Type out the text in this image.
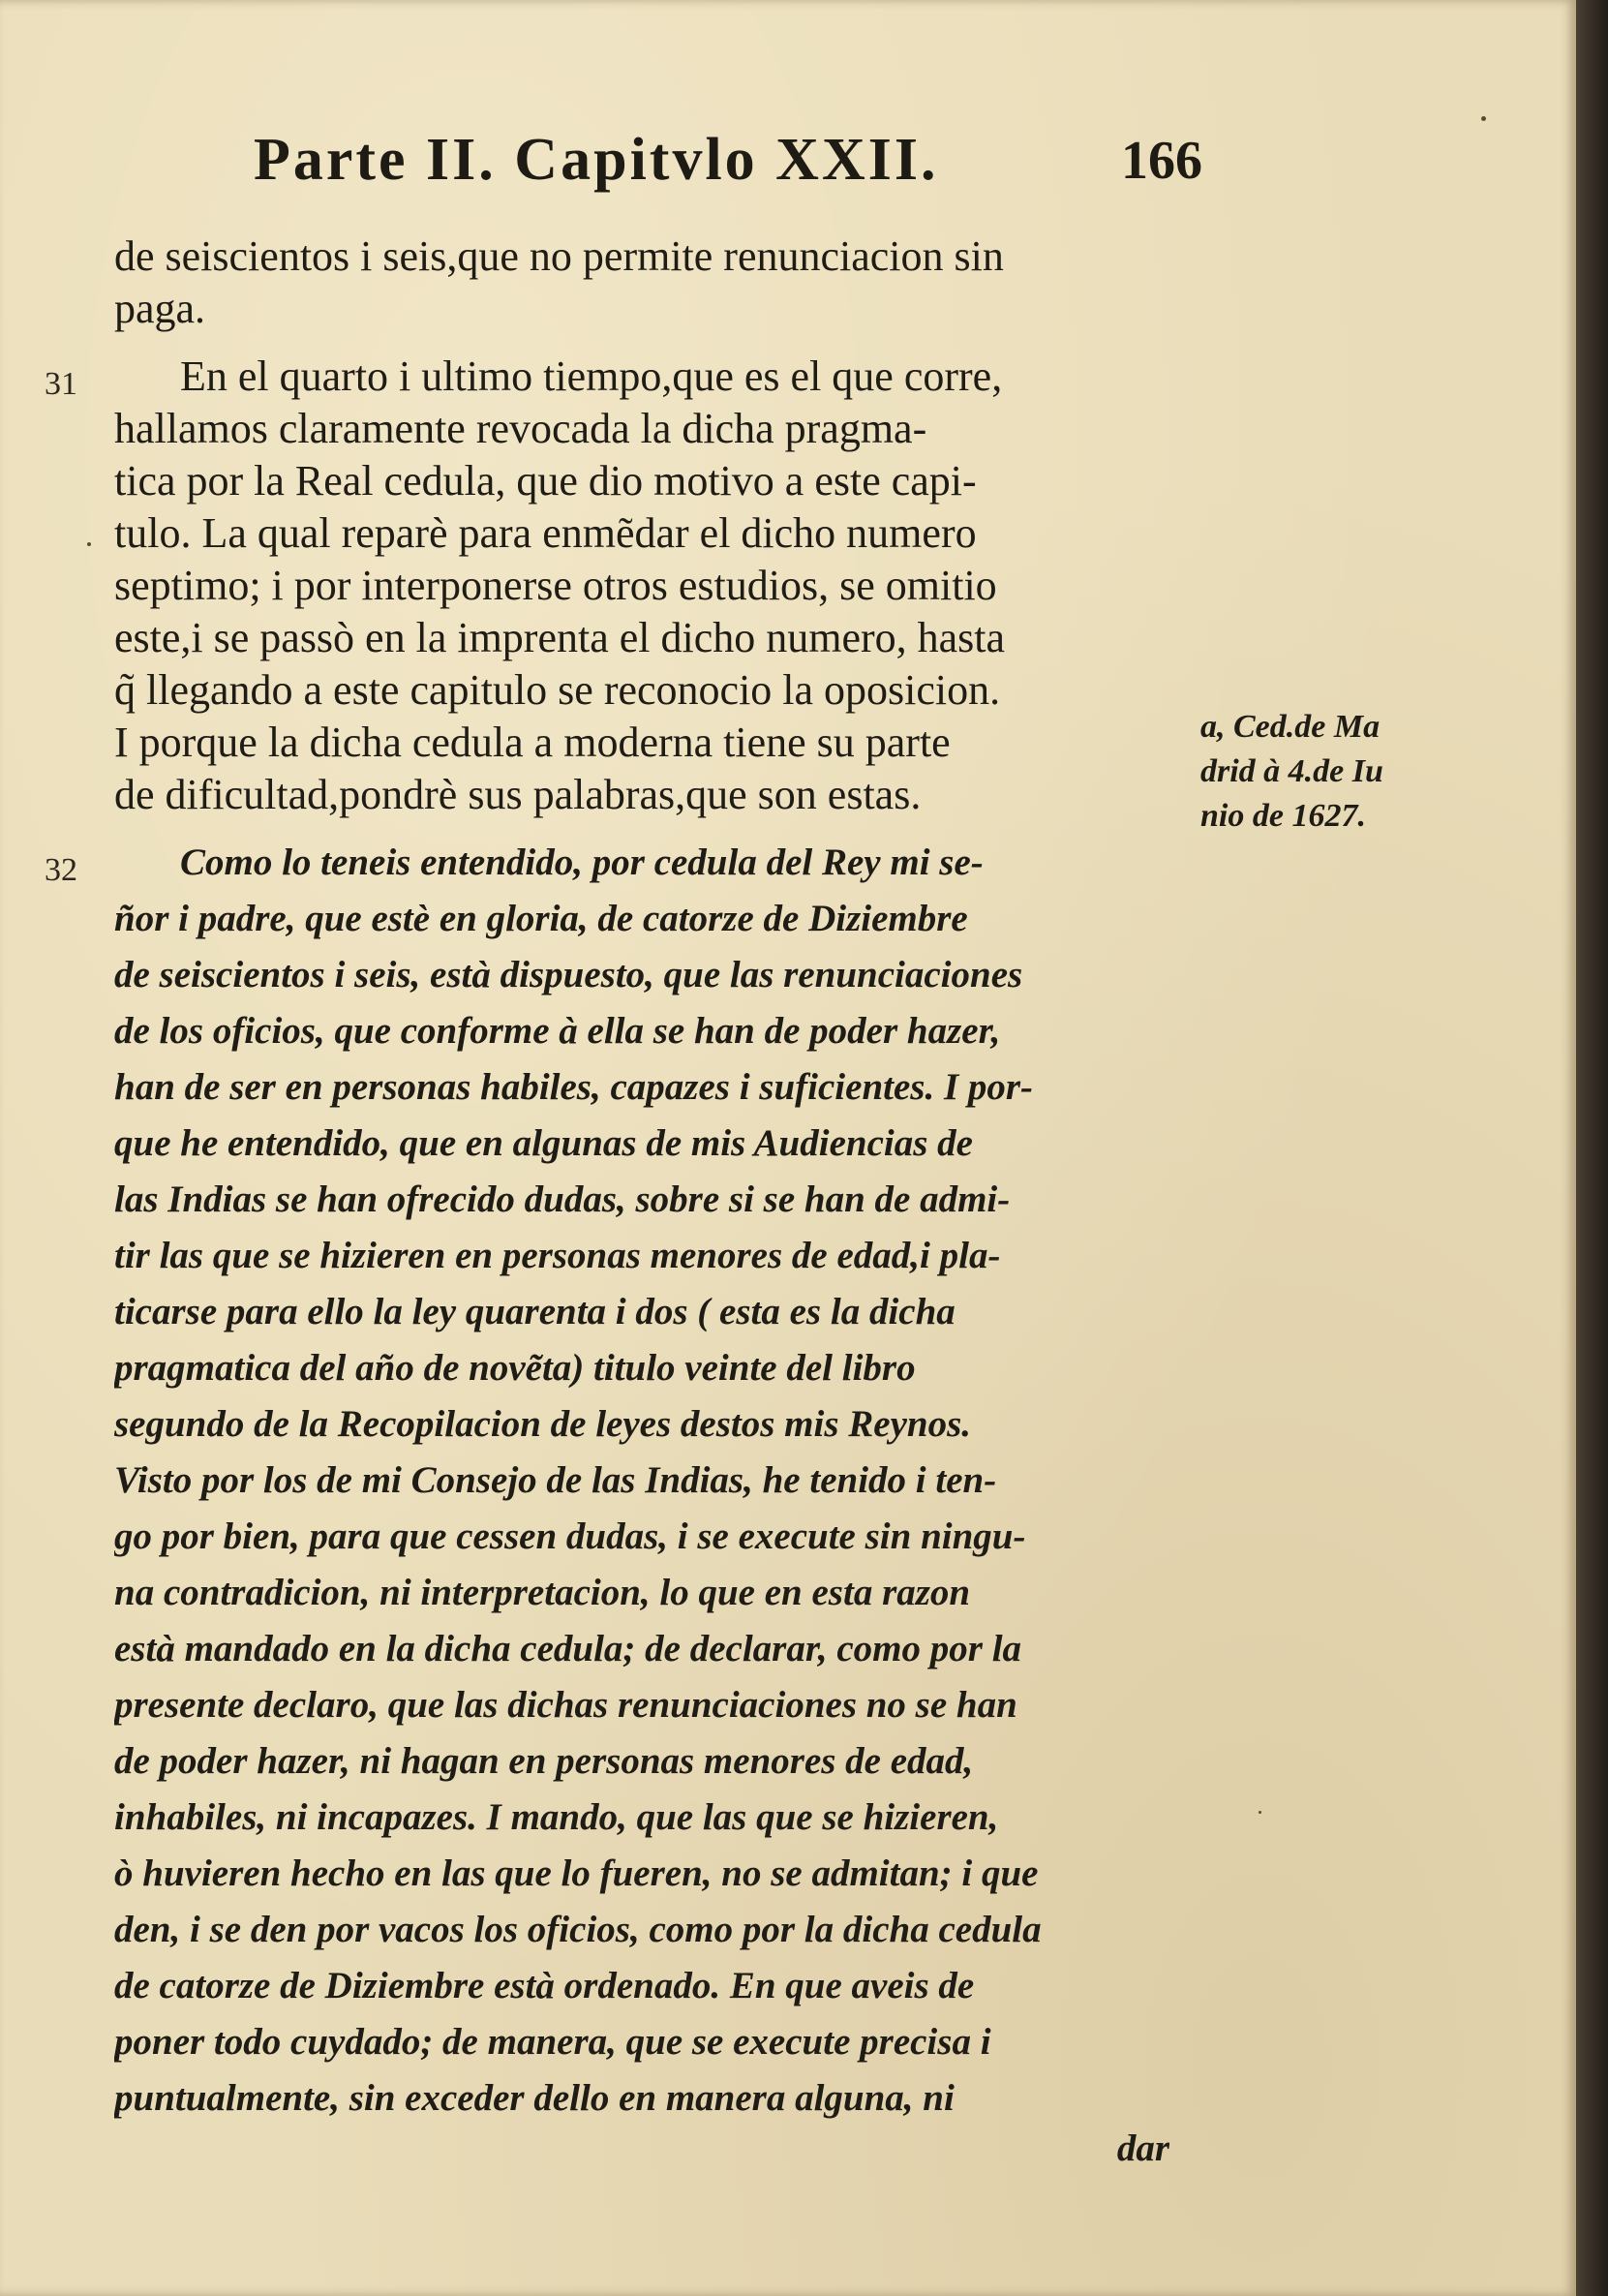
Parte II. Capitvlo XXII.	166
31
32
a, Ced.de Ma
drid à 4.de Iu
nio de 1627.
de seiscientos i seis,que no permite renunciacion sin
paga.
En el quarto i ultimo tiempo,que es el que corre,
hallamos claramente revocada la dicha pragma-
tica por la Real cedula, que dio motivo a este capi-
tulo. La qual reparè para enmẽdar el dicho numero
septimo; i por interponerse otros estudios, se omitio
este,i se passò en la imprenta el dicho numero, hasta
q̃ llegando a este capitulo se reconocio la oposicion.
I porque la dicha cedula a moderna tiene su parte
de dificultad,pondrè sus palabras,que son estas.
Como lo teneis entendido, por cedula del Rey mi se-
ñor i padre, que estè en gloria, de catorze de Diziembre
de seiscientos i seis, està dispuesto, que las renunciaciones
de los oficios, que conforme à ella se han de poder hazer,
han de ser en personas habiles, capazes i suficientes. I por-
que he entendido, que en algunas de mis Audiencias de
las Indias se han ofrecido dudas, sobre si se han de admi-
tir las que se hizieren en personas menores de edad,i pla-
ticarse para ello la ley quarenta i dos ( esta es la dicha
pragmatica del año de novẽta) titulo veinte del libro
segundo de la Recopilacion de leyes destos mis Reynos.
Visto por los de mi Consejo de las Indias, he tenido i ten-
go por bien, para que cessen dudas, i se execute sin ningu-
na contradicion, ni interpretacion, lo que en esta razon
està mandado en la dicha cedula; de declarar, como por la
presente declaro, que las dichas renunciaciones no se han
de poder hazer, ni hagan en personas menores de edad,
inhabiles, ni incapazes. I mando, que las que se hizieren,
ò huvieren hecho en las que lo fueren, no se admitan; i que
den, i se den por vacos los oficios, como por la dicha cedula
de catorze de Diziembre està ordenado. En que aveis de
poner todo cuydado; de manera, que se execute precisa i
puntualmente, sin exceder dello en manera alguna, ni
dar
